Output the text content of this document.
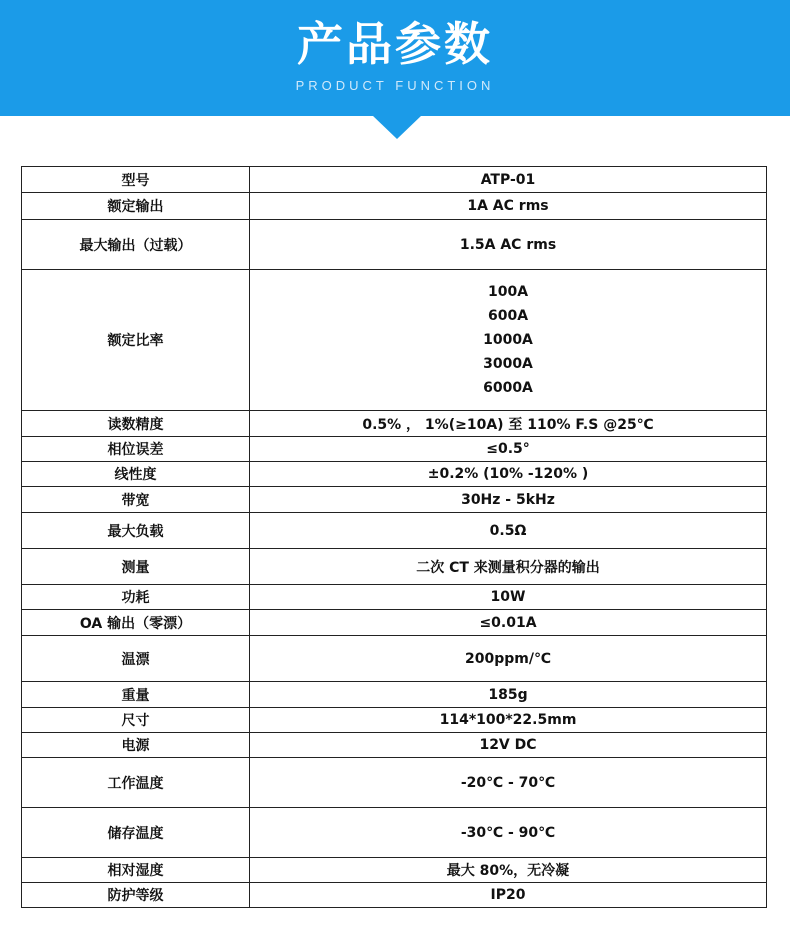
产品参数
PRODUCT FUNCTION
型号	ATP-01
额定输出	1A AC rms
最大输出（过载）	1.5A AC rms
额定比率	100A
600A
1000A
3000A
6000A

读数精度	0.5% ， 1%(≥10A) 至 110% F.S @25℃
相位误差	≤0.5°
线性度	±0.2% (10% -120% )
带宽	30Hz - 5kHz
最大负载	0.5Ω
测量	二次 CT 来测量积分器的输出
功耗	10W
OA 输出（零漂）	≤0.01A
温漂	200ppm/℃
重量	185g
尺寸	114*100*22.5mm
电源	12V DC
工作温度	-20℃ - 70℃
储存温度	-30℃ - 90℃
相对湿度	最大 80%，无冷凝
防护等级	IP20
